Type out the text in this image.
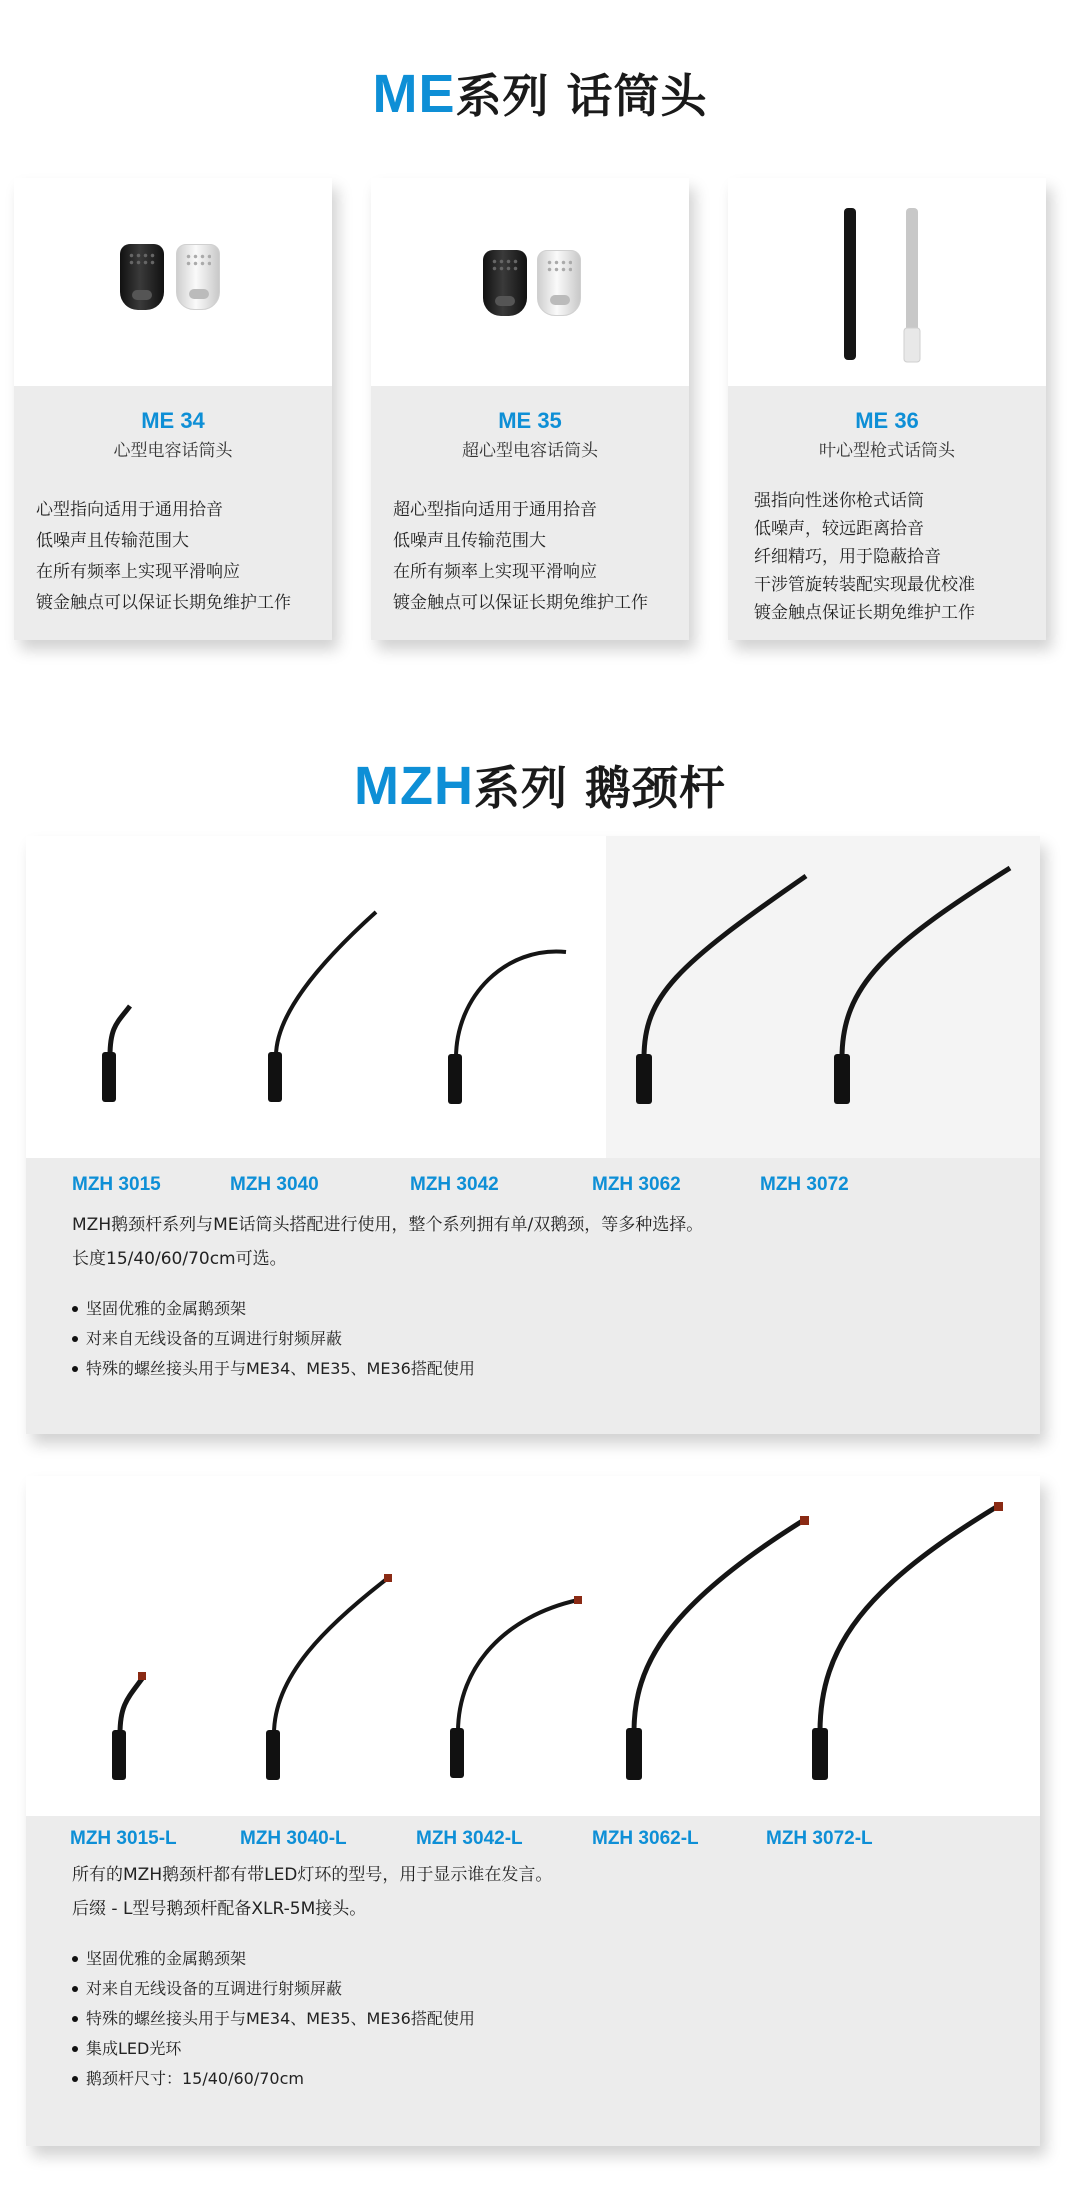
ME系列 话筒头
ME 34
心型电容话筒头
心型指向适用于通用拾音
低噪声且传输范围大
在所有频率上实现平滑响应
镀金触点可以保证长期免维护工作
ME 35
超心型电容话筒头
超心型指向适用于通用拾音
低噪声且传输范围大
在所有频率上实现平滑响应
镀金触点可以保证长期免维护工作
ME 36
叶心型枪式话筒头
强指向性迷你枪式话筒
低噪声，较远距离拾音
纤细精巧，用于隐蔽拾音
干涉管旋转装配实现最优校准
镀金触点保证长期免维护工作
MZH系列 鹅颈杆
MZH 3015	MZH 3040	MZH 3042	MZH 3062	MZH 3072
MZH鹅颈杆系列与ME话筒头搭配进行使用，整个系列拥有单/双鹅颈，等多种选择。
长度15/40/60/70cm可选。
坚固优雅的金属鹅颈架
对来自无线设备的互调进行射频屏蔽
特殊的螺丝接头用于与ME34、ME35、ME36搭配使用
MZH 3015-L	MZH 3040-L	MZH 3042-L	MZH 3062-L	MZH 3072-L
所有的MZH鹅颈杆都有带LED灯环的型号，用于显示谁在发言。
后缀 - L型号鹅颈杆配备XLR-5M接头。
坚固优雅的金属鹅颈架
对来自无线设备的互调进行射频屏蔽
特殊的螺丝接头用于与ME34、ME35、ME36搭配使用
集成LED光环
鹅颈杆尺寸：15/40/60/70cm
